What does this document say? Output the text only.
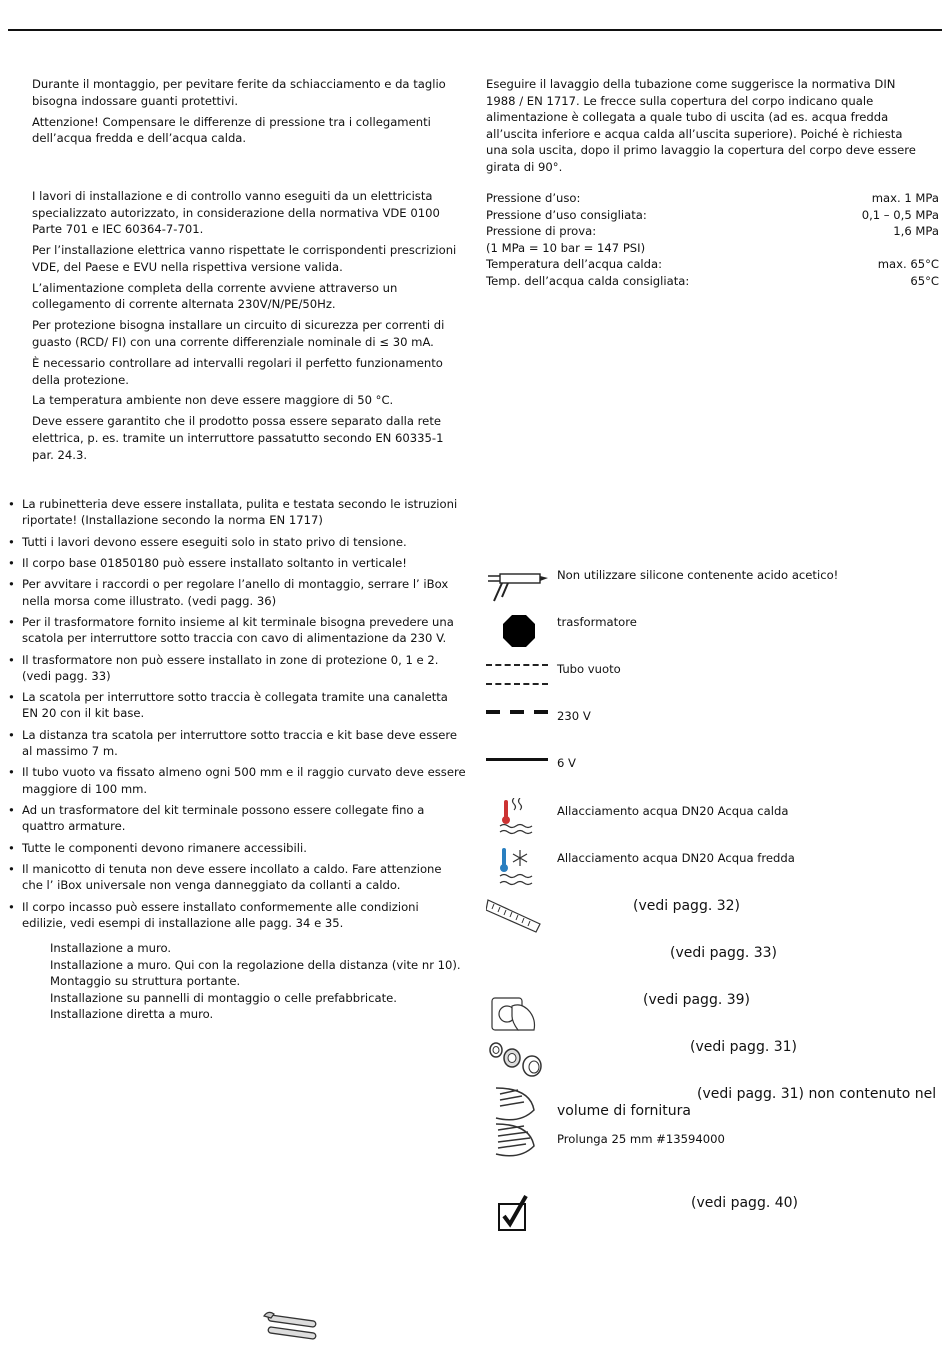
Durante il montaggio, per pevitare ferite da schiacciamento e da taglio bisogna indossare guanti protettivi.

Attenzione! Compensare le differenze di pressione tra i collegamenti dell’acqua fredda e dell’acqua calda.

I lavori di installazione e di controllo vanno eseguiti da un elettricista specializzato autorizzato, in considerazione della normativa VDE 0100 Parte 701 e IEC 60364-7-701.

Per l’installazione elettrica vanno rispettate le corrispondenti prescrizioni VDE, del Paese e EVU nella rispettiva versione valida.

L’alimentazione completa della corrente avviene attraverso un collegamento di corrente alternata 230V/N/PE/50Hz.

Per protezione bisogna installare un circuito di sicurezza per correnti di guasto (RCD/ FI) con una corrente differenziale nominale di ≤ 30 mA.

È necessario controllare ad intervalli regolari il perfetto funzionamento della protezione.

La temperatura ambiente non deve essere maggiore di 50 °C.

Deve essere garantito che il prodotto possa essere separato dalla rete elettrica, p. es. tramite un interruttore passatutto secondo EN 60335-1 par. 24.3.

• La rubinetteria deve essere installata, pulita e testata secondo le istruzioni riportate! (Installazione secondo la norma EN 1717)
• Tutti i lavori devono essere eseguiti solo in stato privo di tensione.
• Il corpo base 01850180 può essere installato soltanto in verticale!
• Per avvitare i raccordi o per regolare l’anello di montaggio, serrare l’ iBox nella morsa come illustrato. (vedi pagg. 36)
• Per il trasformatore fornito insieme al kit terminale bisogna prevedere una scatola per interruttore sotto traccia con cavo di alimentazione da 230 V.
• Il trasformatore non può essere installato in zone di protezione 0, 1 e 2. (vedi pagg. 33)
• La scatola per interruttore sotto traccia è collegata tramite una canaletta EN 20 con il kit base.
• La distanza tra scatola per interruttore sotto traccia e kit base deve essere al massimo 7 m.
• Il tubo vuoto va fissato almeno ogni 500 mm e il raggio curvato deve essere maggiore di 100 mm.
• Ad un trasformatore del kit terminale possono essere collegate fino a quattro armature.
• Tutte le componenti devono rimanere accessibili.
• Il manicotto di tenuta non deve essere incollato a caldo. Fare attenzione che l’ iBox universale non venga danneggiato da collanti a caldo.
• Il corpo incasso può essere installato conformemente alle condizioni edilizie, vedi esempi di installazione alle pagg. 34 e 35.
Installazione a muro.
Installazione a muro. Qui con la regolazione della distanza (vite nr 10).
Montaggio su struttura portante.
Installazione su pannelli di montaggio o celle prefabbricate.
Installazione diretta a muro.
Eseguire il lavaggio della tubazione come suggerisce la normativa DIN 1988 / EN 1717. Le frecce sulla copertura del corpo indicano quale alimentazione è collegata a quale tubo di uscita (ad es. acqua fredda all’uscita inferiore e acqua calda all’uscita superiore). Poiché è richiesta una sola uscita, dopo il primo lavaggio la copertura del corpo deve essere girata di 90°.
Pressione d’uso:	max. 1 MPa
Pressione d’uso consigliata:	0,1 – 0,5 MPa
Pressione di prova:	1,6 MPa
(1 MPa = 10 bar = 147 PSI)
Temperatura dell’acqua calda:	max. 65°C
Temp. dell’acqua calda consigliata:	65°C
Non utilizzare silicone contenente acido acetico!
trasformatore
Tubo vuoto
230 V
6 V
Allacciamento acqua DN20 Acqua calda
Allacciamento acqua DN20 Acqua fredda
(vedi pagg. 32)
(vedi pagg. 33)
(vedi pagg. 39)
(vedi pagg. 31)
(vedi pagg. 31) non contenuto nel
volume di fornitura
Prolunga 25 mm #13594000
(vedi pagg. 40)
